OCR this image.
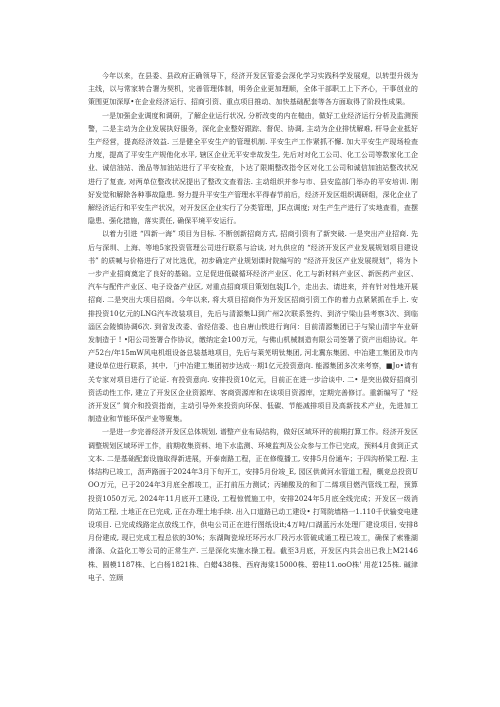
今年以来，在县委、县政府正确领导下，经济开发区管委会深化学习实践科学发展观，以转型升级为主线，以与常家转合署为契机，完善管理体制，明务企业更加理顺，全体干部职工上下齐心，干事创业的策围更加深厚•在企业经济运行、招商引资、重点项目推动、加快基础配套等各方面取得了阶段性成果。

一是加强企业调度和调研，了解企业运行状况, 分析改变的内在槌由，做好工业经济运行分析及监测预警，二是主动为企业发展执好服务，深化企业整好跟踪、督促、协调, 主动为企业排忧解难, 杆导企业抵好生产经营，提高经济效益. 三是健全平安生产的管理机制. 平安生产工作紧抓不懈. 加大平安生产现场检查力度，提高了平安生产规他化水平, 辖区企业无平安幸故发生, 先后对对化工公司、化工公司等数家化工企业、诚信油站、渔品等加油站进行了平安检查，卜达了限期整改指令区对化工公司和诚信加油站整改状况进行了复查, 对两单位整改状况提出了整改文查看法. 主动组织并参与市、县安监部门举办的平安培训. 刚好发觉和解除各种事故隐患. 努力提升平安生产管理水平得春节前后，经济开发区组织调研组，深化企业了解经济运行和平安生产状况，对开发区企业实行了分类管理，JE点调度; 对生产生产进行了实地查看，查摆隐患、强化措施，落实责任, 确保平境平安运行。

以着力引进 “四新一海” 项目为目标. 不断创新招商方式, 招商引资有了新突破. 一是突出产业招商. 先后与深圳、上海、等地5家投资管理公司进行联系与洽谈, 对九供应的 “经济开发区产业发展规划项目建设书” 的质喊与价格进行了对比选优，初步确定产业规划课时院编写的 “经济开发区产业发展规划”，将为卜一步产业招商奠定了良好的基础。立足促进低碳循环经济产业区、化工与新材料产业区、新医药产业区、汽车与配件产业区、电子设备产业区, 对重点招商项目策划包装JL个，走出去、请进来，并有针对性地开展招商. 二是突出大项目招商。今年以来, 将大项目招商作为开发区招商引资工作的着力点紧紧抓在手上. 安排投资10亿元的LNG汽车改装项目，先后与清源集Ll到广州2次联系签约、到济宁梁山县考察3次、到临淄区会陵镇协调6次. 到省发改委、省经信委、也自唐山铁进行询问：目前清源集团已于与梁山清宇车业研发制造于 ! •阳公司签署合作协议，缴纳定金100万元，与佛山机械制造有限公司签署了资产出组协议。年产52台/年15mW风电机组设备总装基地项目，先后与莱芜明钛集团, 河北冀东集团、中冶建工集团及市内建设单位进行联系，其中, 「j中冶建工集团初步达成⋯期1亿元投资意向. 能源集团多次来考察，■Jo•请有关专家对项目进行了论证. 有投资意向. 安排投资10亿元，目前正在进一步洽谈中. 二• 是突出做好招商引资活动性工作, 建立了开发区企业资源库、客商资源库和在谈项目资源库，定期完善修订。重新编写了 “经济开发区” 简介和投资指南，主动引导外来投资向环保、低碳、节能减排项目及高新技术产业，先进加工制造业和节能环保产业等聚集。

一是进一步完善经济开发区总体规划, 谱整产业布局结构，做好区域环评的前期打算工作。经济开发区调整规划区域环评工作，前期收集资料、地下水监测、环境监判及公众参与工作已完成，预料4月食到正式文本. 二是基础配套设施取得新进展，开泰南路工程，正在修缆播工, 安排5月份通车；于四沟桥梁工程. 主体结构已竣工，沥声路面于2024年3月下旬开工，安排5月份竣_E, 园区供黄河水管道工程，概竞总投资UOO万元，已于2024年3月底全都竣工，正打前压力测试；丙辅酸及的和丁二烯项目燃汽管线工程，预算投资1050万元, 2024年11月底开工建设, 工程惊慌施工中，安排2024年5月底全线完成；开发区一级消防站工程, 土地正在已完成, 正在办理土地手续. 出入口道路已动工建设• 打驾院墙格一1.110千伏输变电建设项目. 已完成线路定点放线工作，供电公司正在进行图纸设it;4万吨/口湖蓝污水处理厂建设项目, 安排8月份建成, 现已完成工程总依的30%；东湖陶瓷垛坯环污水厂段污水管破成通工程已竣工，确保了索雅湖滑涤、众益化工等公司的正常生产. 三是深化实施水操工程。截至3月底，开发区内共会出已我上M2146株、圆模1187株、匕白杨1821株、白蜡438株、西府海棠15000株、碧桂11.ooO株' 用花125株. 碱津电子、笠顾
